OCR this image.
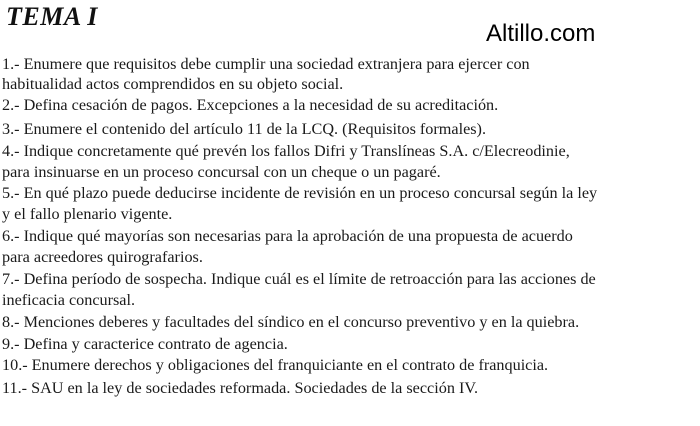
TEMA I
Altillo.com
1.- Enumere que requisitos debe cumplir una sociedad extranjera para ejercer con
habitualidad actos comprendidos en su objeto social.
2.- Defina cesación de pagos. Excepciones a la necesidad de su acreditación.
3.- Enumere el contenido del artículo 11 de la LCQ. (Requisitos formales).
4.- Indique concretamente qué prevén los fallos Difri y Translíneas S.A. c/Elecreodinie,
para insinuarse en un proceso concursal con un cheque o un pagaré.
5.- En qué plazo puede deducirse incidente de revisión en un proceso concursal según la ley
y el fallo plenario vigente.
6.- Indique qué mayorías son necesarias para la aprobación de una propuesta de acuerdo
para acreedores quirografarios.
7.- Defina período de sospecha. Indique cuál es el límite de retroacción para las acciones de
ineficacia concursal.
8.- Menciones deberes y facultades del síndico en el concurso preventivo y en la quiebra.
9.- Defina y caracterice contrato de agencia.
10.- Enumere derechos y obligaciones del franquiciante en el contrato de franquicia.
11.- SAU en la ley de sociedades reformada. Sociedades de la sección IV.
